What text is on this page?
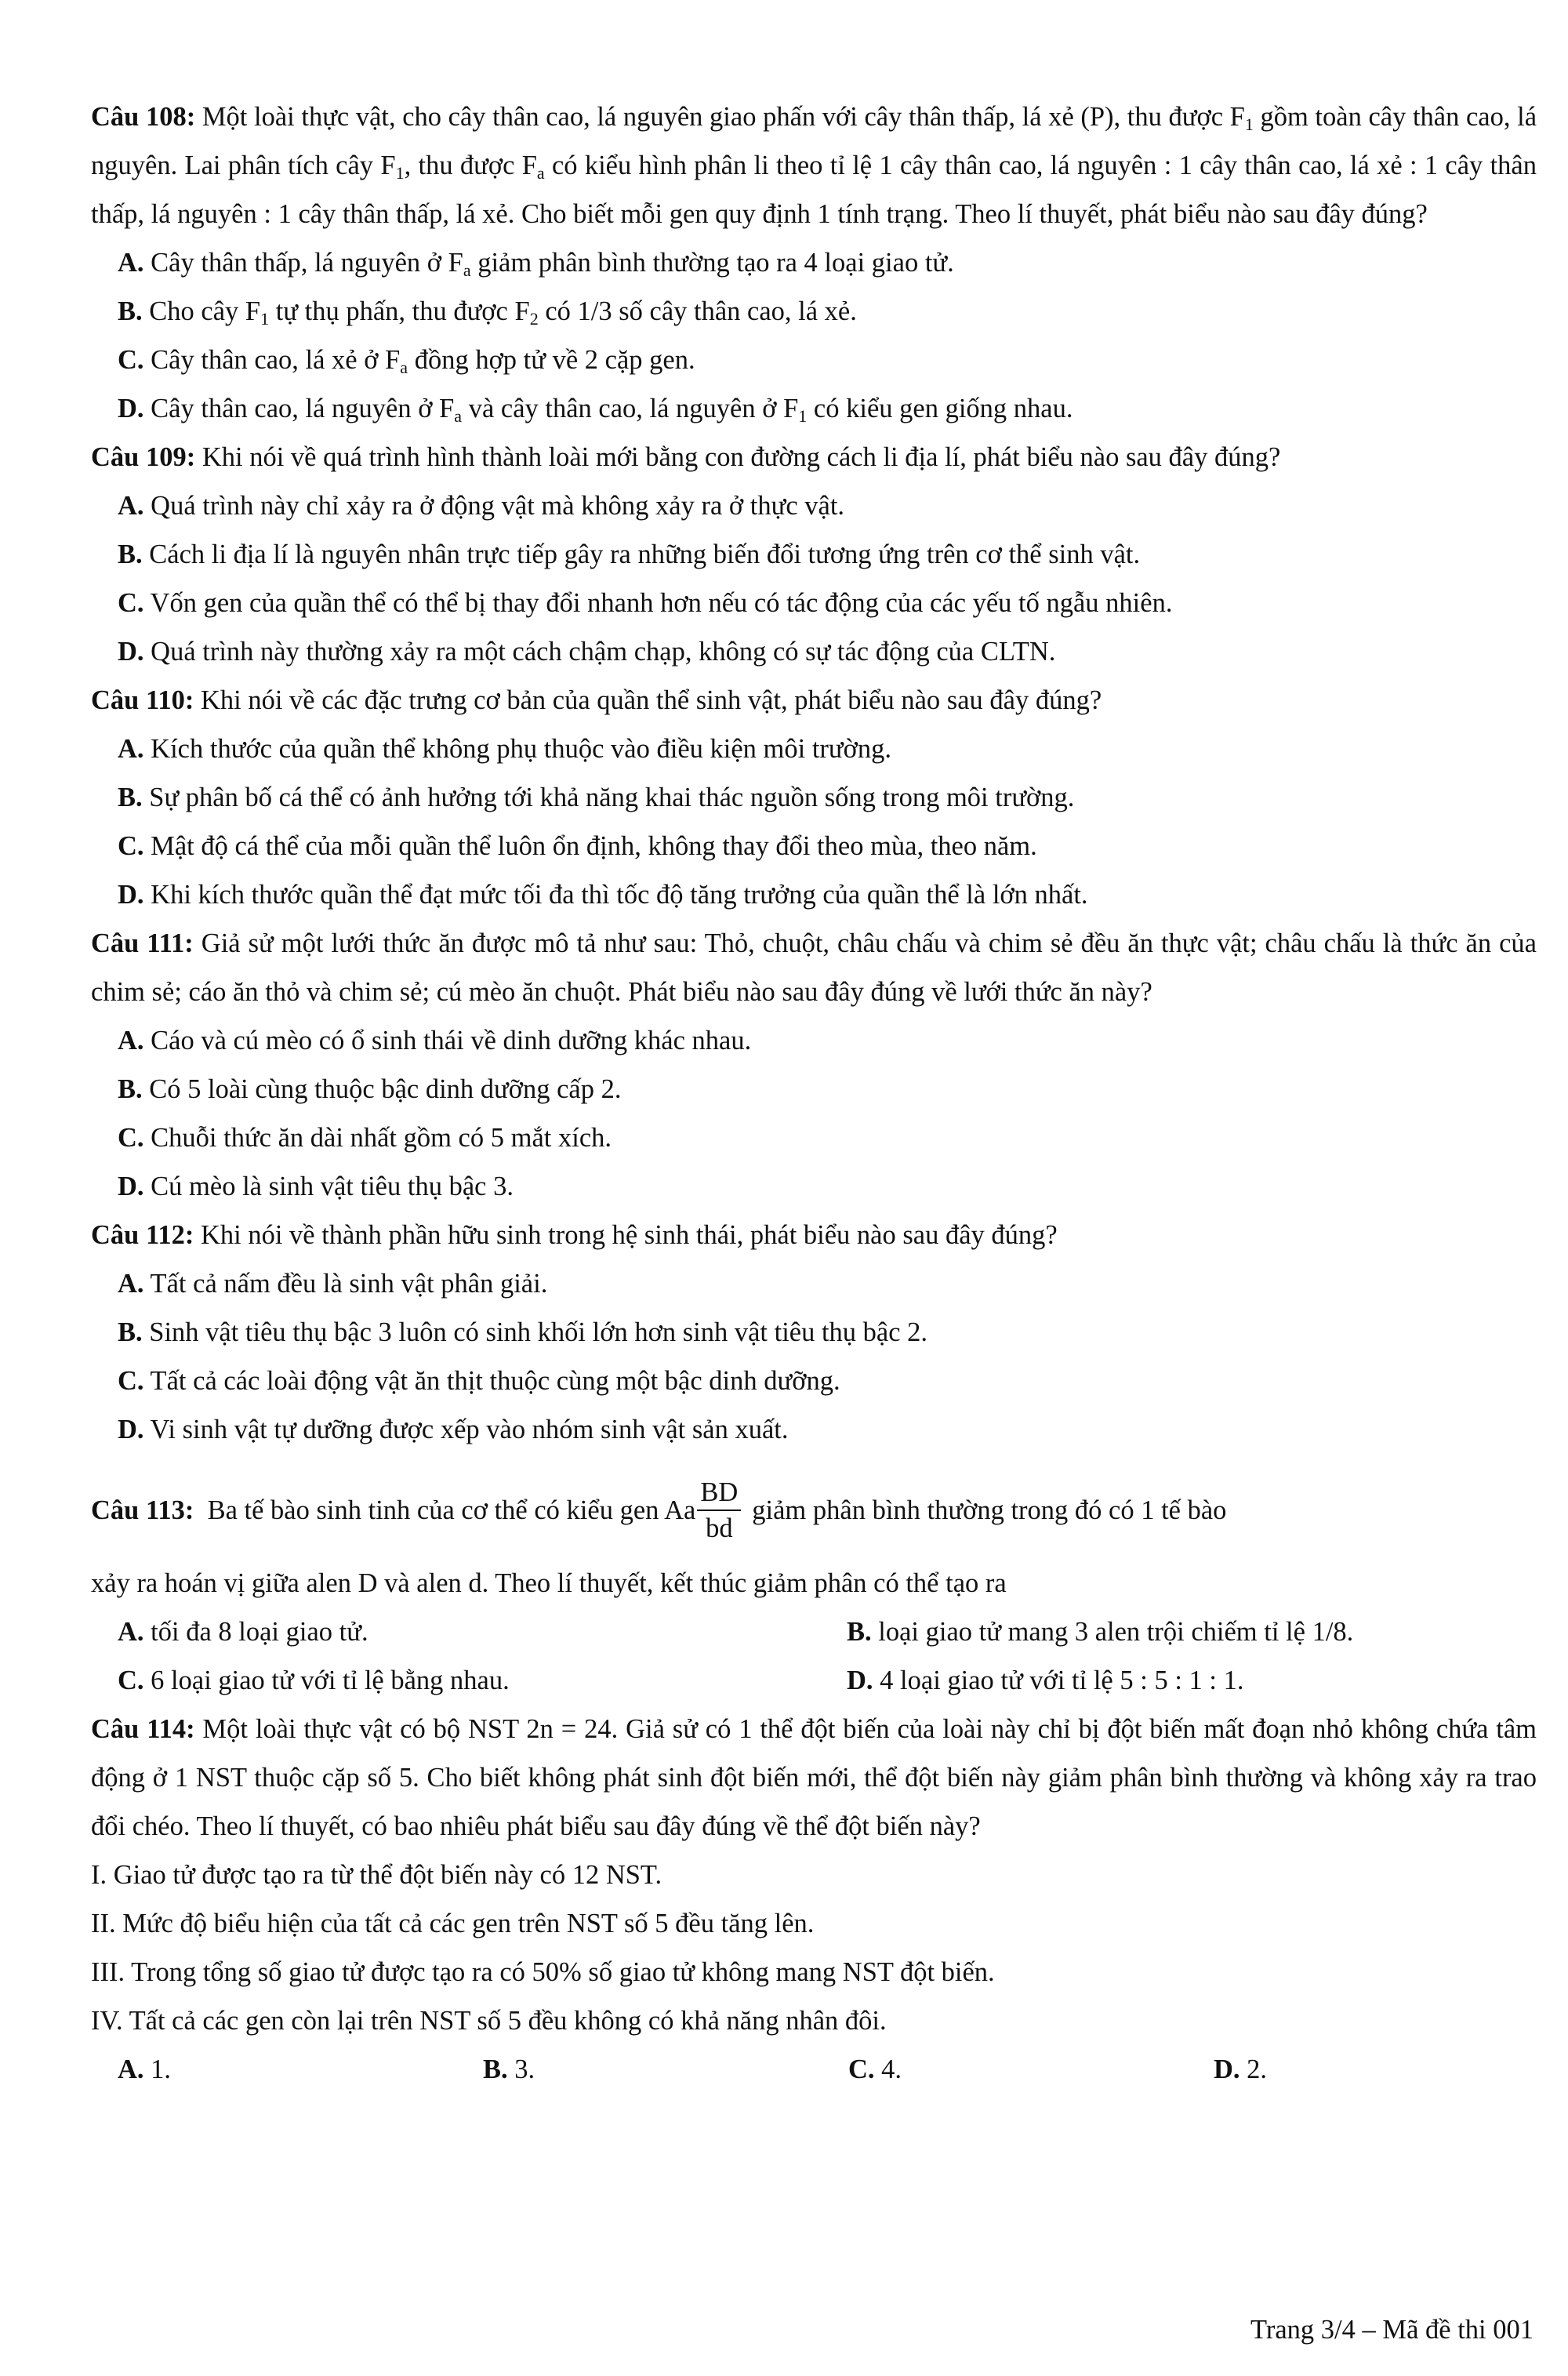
Câu 108: Một loài thực vật, cho cây thân cao, lá nguyên giao phấn với cây thân thấp, lá xẻ (P), thu được $F_1$ gồm toàn cây thân cao, lá nguyên. Lai phân tích cây $F_1$, thu được $F_a$ có kiểu hình phân li theo tỉ lệ 1 cây thân cao, lá nguyên : 1 cây thân cao, lá xẻ : 1 cây thân thấp, lá nguyên : 1 cây thân thấp, lá xẻ. Cho biết mỗi gen quy định 1 tính trạng. Theo lí thuyết, phát biểu nào sau đây đúng?

A. Cây thân thấp, lá nguyên ở $F_a$ giảm phân bình thường tạo ra 4 loại giao tử.

B. Cho cây $F_1$ tự thụ phấn, thu được $F_2$ có 1/3 số cây thân cao, lá xẻ.

C. Cây thân cao, lá xẻ ở $F_a$ đồng hợp tử về 2 cặp gen.

D. Cây thân cao, lá nguyên ở $F_a$ và cây thân cao, lá nguyên ở $F_1$ có kiểu gen giống nhau.

Câu 109: Khi nói về quá trình hình thành loài mới bằng con đường cách li địa lí, phát biểu nào sau đây đúng?

A. Quá trình này chỉ xảy ra ở động vật mà không xảy ra ở thực vật.

B. Cách li địa lí là nguyên nhân trực tiếp gây ra những biến đổi tương ứng trên cơ thể sinh vật.

C. Vốn gen của quần thể có thể bị thay đổi nhanh hơn nếu có tác động của các yếu tố ngẫu nhiên.

D. Quá trình này thường xảy ra một cách chậm chạp, không có sự tác động của CLTN.

Câu 110: Khi nói về các đặc trưng cơ bản của quần thể sinh vật, phát biểu nào sau đây đúng?

A. Kích thước của quần thể không phụ thuộc vào điều kiện môi trường.

B. Sự phân bố cá thể có ảnh hưởng tới khả năng khai thác nguồn sống trong môi trường.

C. Mật độ cá thể của mỗi quần thể luôn ổn định, không thay đổi theo mùa, theo năm.

D. Khi kích thước quần thể đạt mức tối đa thì tốc độ tăng trưởng của quần thể là lớn nhất.

Câu 111: Giả sử một lưới thức ăn được mô tả như sau: Thỏ, chuột, châu chấu và chim sẻ đều ăn thực vật; châu chấu là thức ăn của chim sẻ; cáo ăn thỏ và chim sẻ; cú mèo ăn chuột. Phát biểu nào sau đây đúng về lưới thức ăn này?

A. Cáo và cú mèo có ổ sinh thái về dinh dưỡng khác nhau.

B. Có 5 loài cùng thuộc bậc dinh dưỡng cấp 2.

C. Chuỗi thức ăn dài nhất gồm có 5 mắt xích.

D. Cú mèo là sinh vật tiêu thụ bậc 3.

Câu 112: Khi nói về thành phần hữu sinh trong hệ sinh thái, phát biểu nào sau đây đúng?

A. Tất cả nấm đều là sinh vật phân giải.

B. Sinh vật tiêu thụ bậc 3 luôn có sinh khối lớn hơn sinh vật tiêu thụ bậc 2.

C. Tất cả các loài động vật ăn thịt thuộc cùng một bậc dinh dưỡng.

D. Vi sinh vật tự dưỡng được xếp vào nhóm sinh vật sản xuất.

Câu 113: Ba tế bào sinh tinh của cơ thể có kiểu gen Aa $\frac{BD}{bd}$ giảm phân bình thường trong đó có 1 tế bào

xảy ra hoán vị giữa alen D và alen d. Theo lí thuyết, kết thúc giảm phân có thể tạo ra

A. tối đa 8 loại giao tử.	B. loại giao tử mang 3 alen trội chiếm tỉ lệ 1/8.

C. 6 loại giao tử với tỉ lệ bằng nhau.	D. 4 loại giao tử với tỉ lệ 5 : 5 : 1 : 1.

Câu 114: Một loài thực vật có bộ NST 2n = 24. Giả sử có 1 thể đột biến của loài này chỉ bị đột biến mất đoạn nhỏ không chứa tâm động ở 1 NST thuộc cặp số 5. Cho biết không phát sinh đột biến mới, thể đột biến này giảm phân bình thường và không xảy ra trao đổi chéo. Theo lí thuyết, có bao nhiêu phát biểu sau đây đúng về thể đột biến này?

I. Giao tử được tạo ra từ thể đột biến này có 12 NST.

II. Mức độ biểu hiện của tất cả các gen trên NST số 5 đều tăng lên.

III. Trong tổng số giao tử được tạo ra có 50% số giao tử không mang NST đột biến.

IV. Tất cả các gen còn lại trên NST số 5 đều không có khả năng nhân đôi.

A. 1.	B. 3.	C. 4.	D. 2.

Trang 3/4 – Mã đề thi 001
